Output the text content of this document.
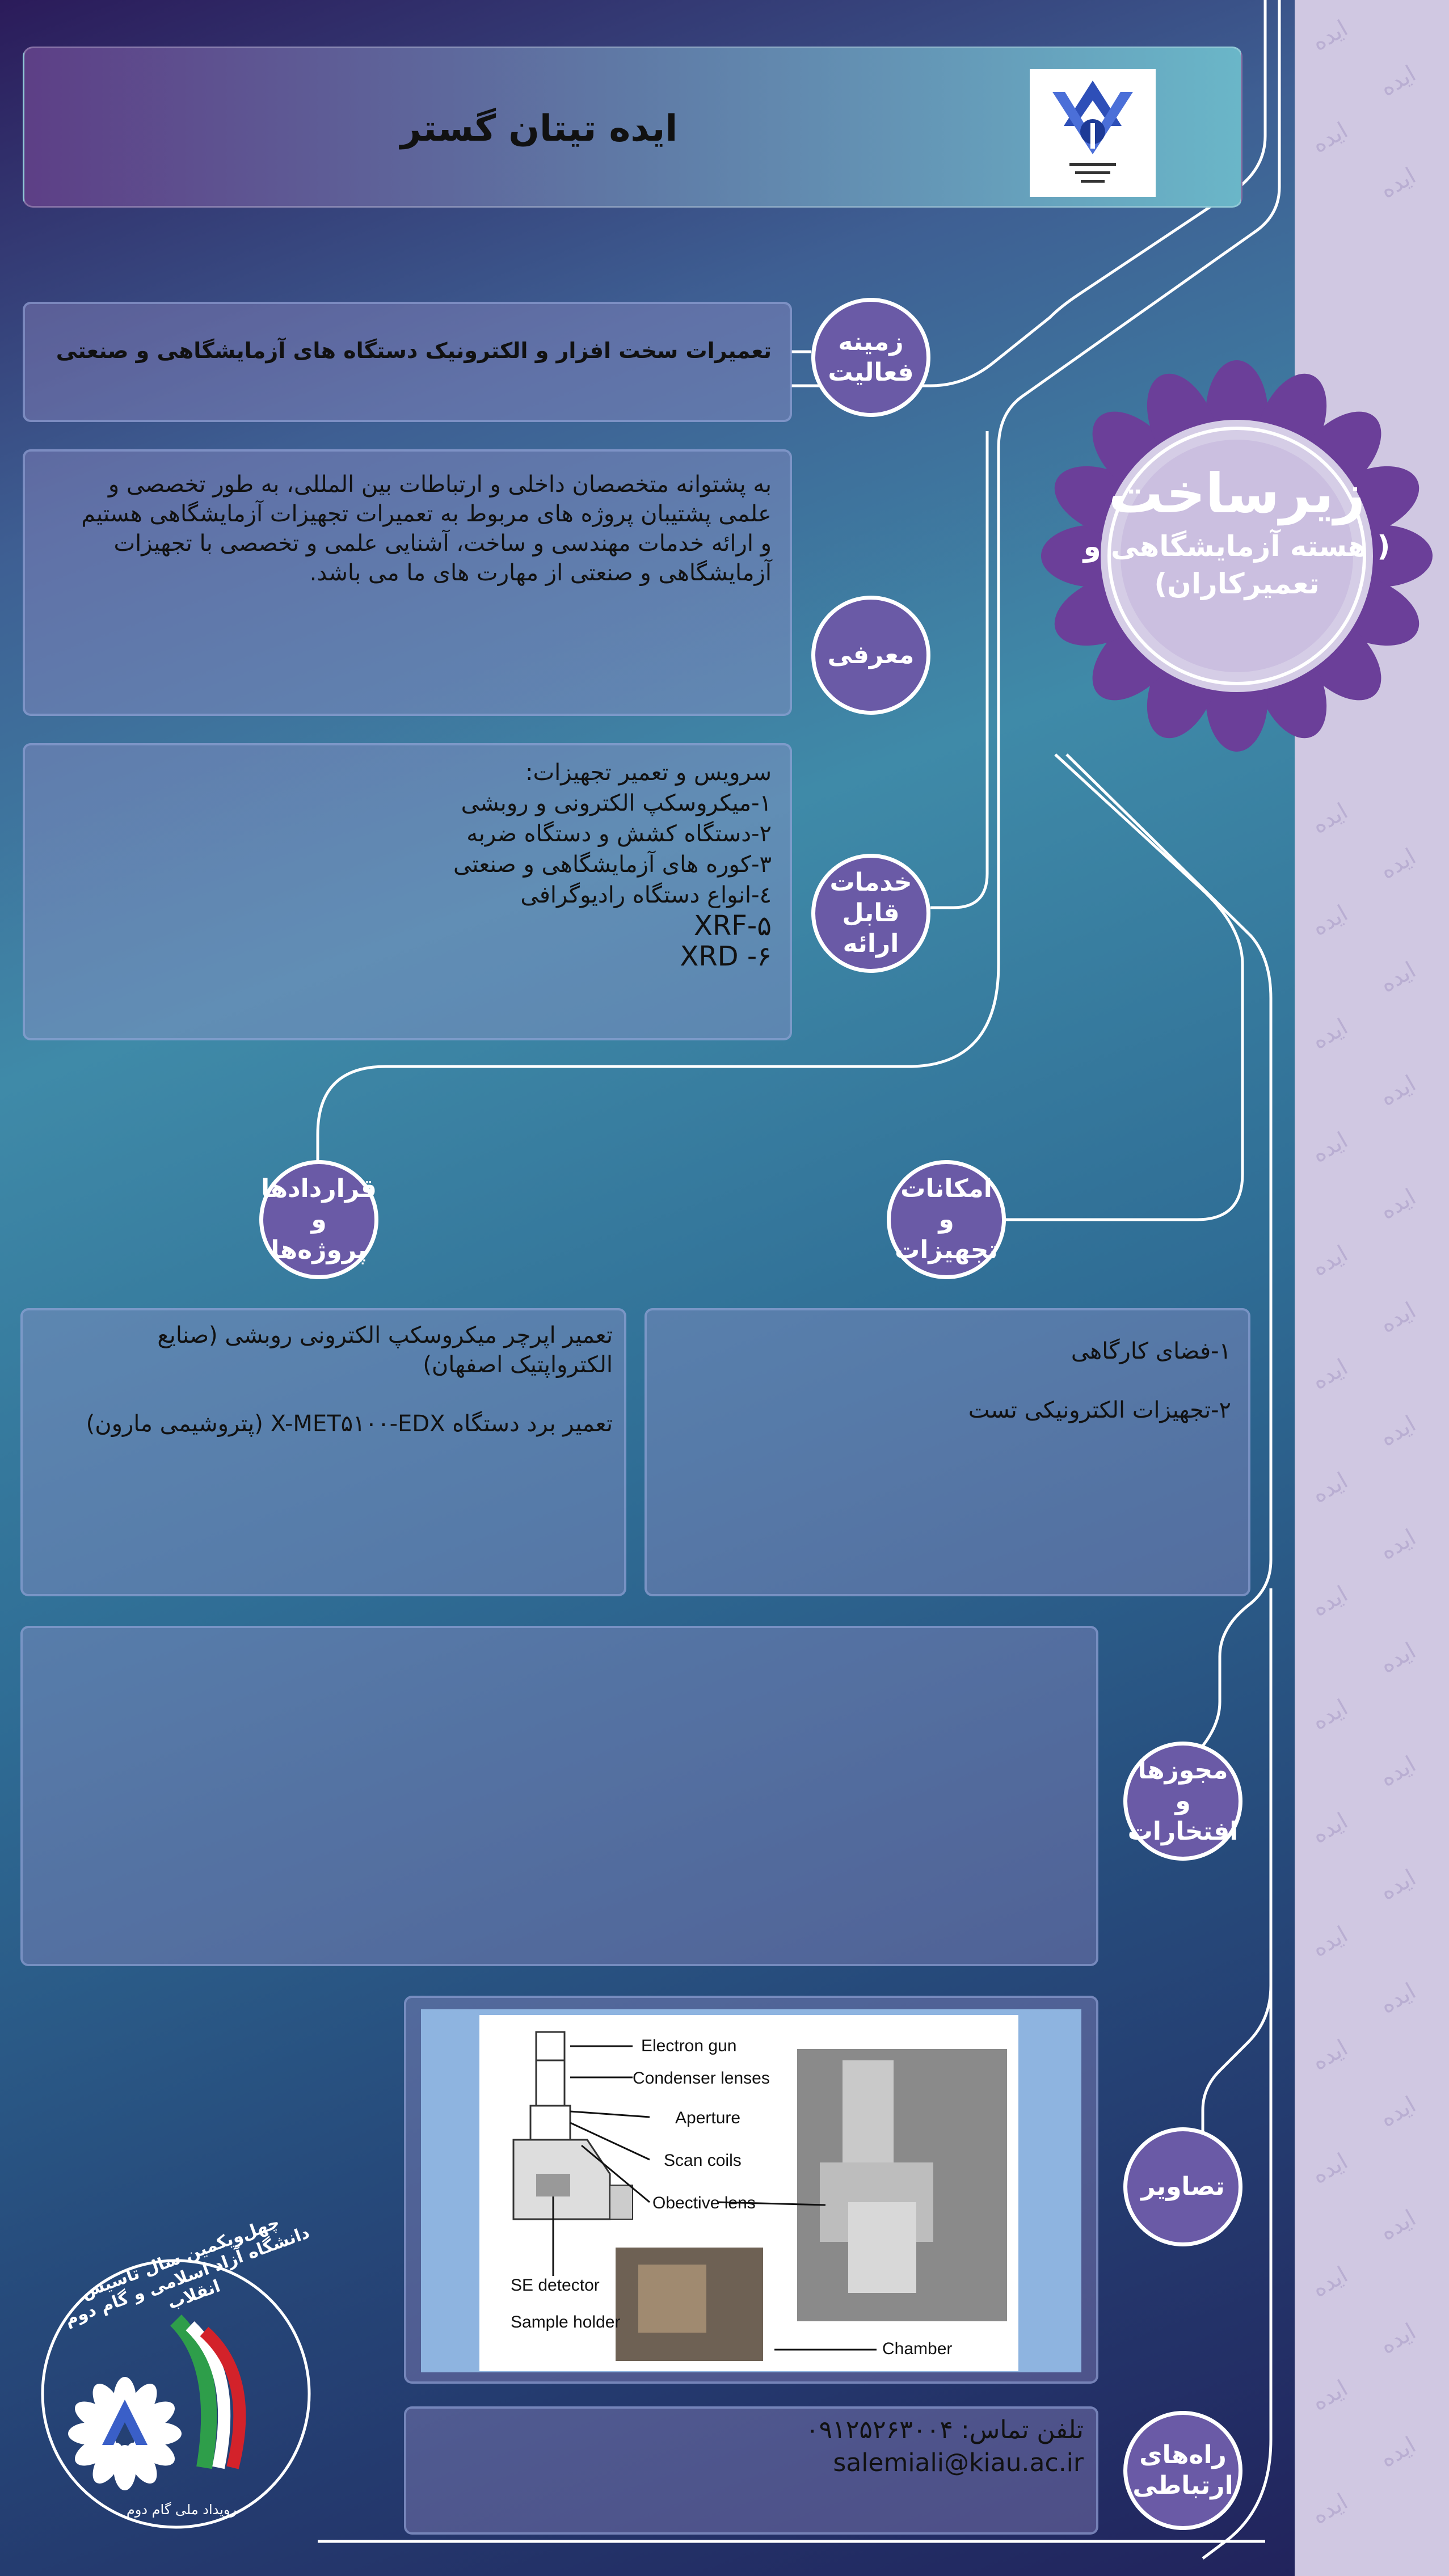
ایده
ایده
ایده
ایده
ایده
ایده
ایده
ایده
ایده
ایده
ایده
ایده
ایده
ایده
ایده
ایده
ایده
ایده
ایده
ایده
ایده
ایده
ایده
ایده
ایده
ایده
ایده
ایده
ایده
ایده
ایده
ایده
ایده
ایده
ایده
ایده تیتان گستر
زیرساخت
( هسته آزمایشگاهی و تعمیرکاران)
تعمیرات سخت افزار و الکترونیک دستگاه های آزمایشگاهی و صنعتی	زمینه فعالیت
به پشتوانه متخصصان داخلی و ارتباطات بین المللی، به طور تخصصی و علمی پشتیبان پروژه های مربوط به تعمیرات تجهیزات آزمایشگاهی هستیم و ارائه خدمات مهندسی و ساخت، آشنایی علمی و تخصصی با تجهیزات آزمایشگاهی و صنعتی از مهارت های ما می باشد.
معرفی
سرویس و تعمیر تجهیزات:
۱-میکروسکپ الکترونی و روبشی
۲-دستگاه کشش و دستگاه ضربه
۳-کوره های آزمایشگاهی و صنعتی
٤-انواع دستگاه رادیوگرافی
XRF-۵
XRD -۶
خدمات قابل ارائه
قراردادها و پروژه‌ها
امکانات و تجهیزات
تعمیر اپرچر میکروسکپ الکترونی روبشی (صنایع الکترواپتیک اصفهان)
تعمیر برد دستگاه X-MET۵۱۰۰-EDX (پتروشیمی مارون)
۱-فضای کارگاهی
۲-تجهیزات الکترونیکی تست
مجوزها و افتخارات
Electron gun
Condenser lenses
Aperture
Scan coils
Obective lens
SE detector
Sample holder
Chamber
تصاویر
تلفن تماس: ۰۹۱۲۵۲۶۳۰۰۴
salemiali@kiau.ac.ir	راه‌های ارتباطی
چهل‌ویکمین سال تاسیس دانشگاه آزاد اسلامی و گام دوم انقلاب
رویداد ملی گام دوم
